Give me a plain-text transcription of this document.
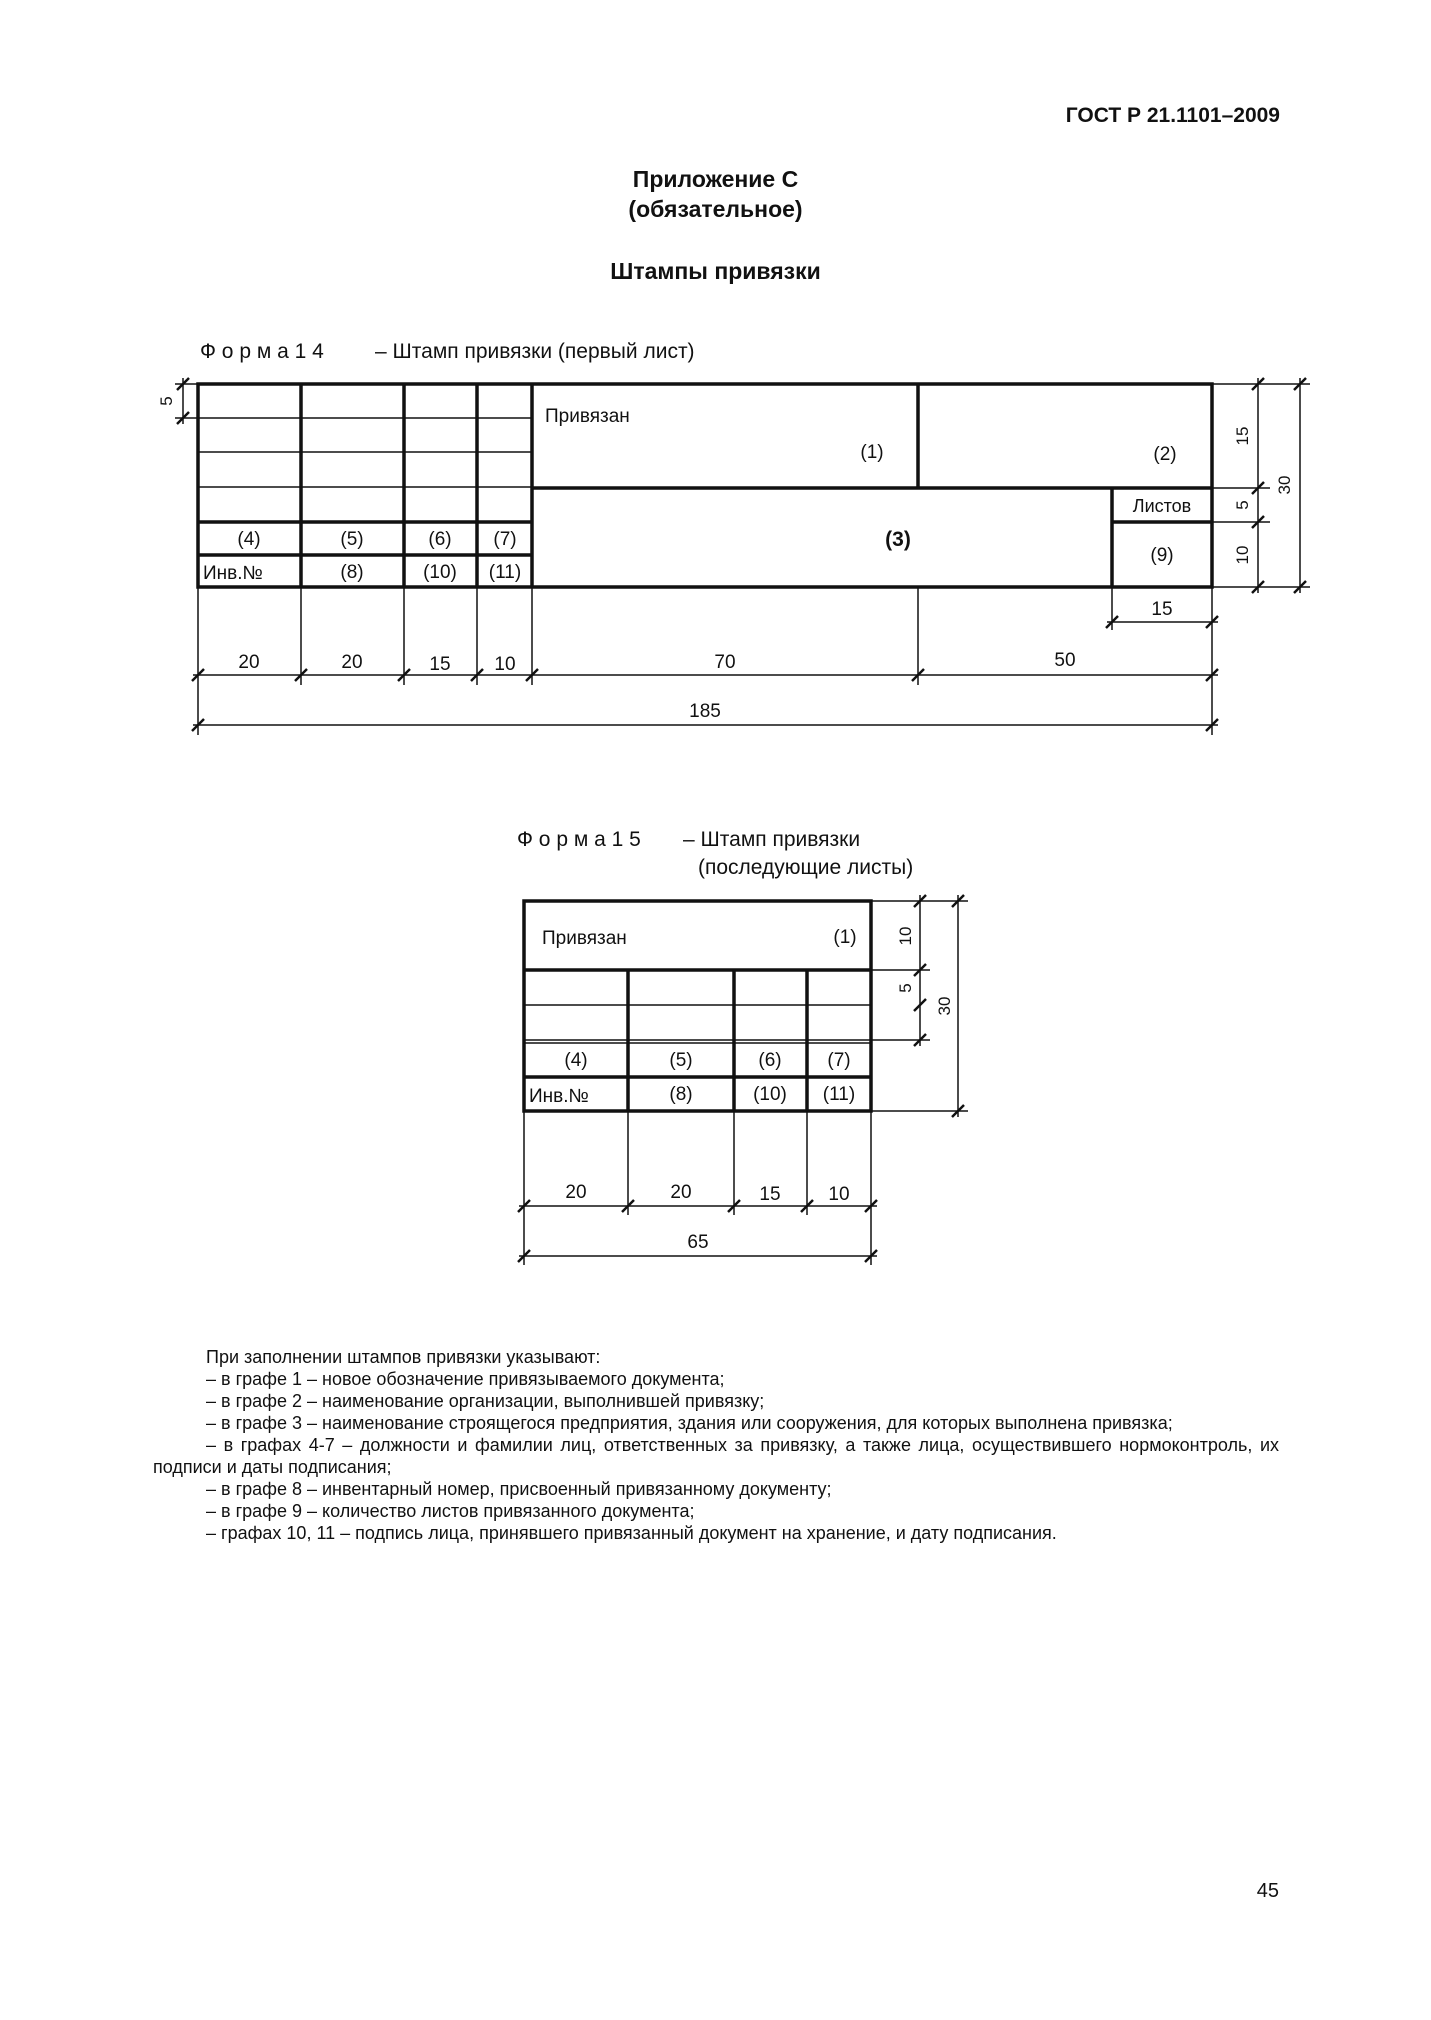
ГОСТ Р 21.1101–2009
Приложение С
(обязательное)
Штампы привязки
Ф о р м а 1 4 – Штамп привязки (первый лист)
Привязан
(1)	(2)
(3)
(4)	(5)	(6) (7)
Инв.№	(8)	(10) (11)
Листов
(9)
20	20	15 10	70	50
15
185
5
15
5
10
30
Ф о р м а 1 5 – Штамп привязки
(последующие листы)
Привязан	(1)
(4)	(5)	(6) (7)
Инв.№	(8)	(10) (11)
20	20	15	10
65
10
5
30

При заполнении штампов привязки указывают:

– в графе 1 – новое обозначение привязываемого документа;

– в графе 2 – наименование организации, выполнившей привязку;

– в графе 3 – наименование строящегося предприятия, здания или сооружения, для которых выполнена привязка;

– в графах 4-7 – должности и фамилии лиц, ответственных за привязку, а также лица, осуществившего нормоконтроль, их подписи и даты подписания;

– в графе 8 – инвентарный номер, присвоенный привязанному документу;

– в графе 9 – количество листов привязанного документа;

– графах 10, 11 – подпись лица, принявшего привязанный документ на хранение, и дату подписания.

45
